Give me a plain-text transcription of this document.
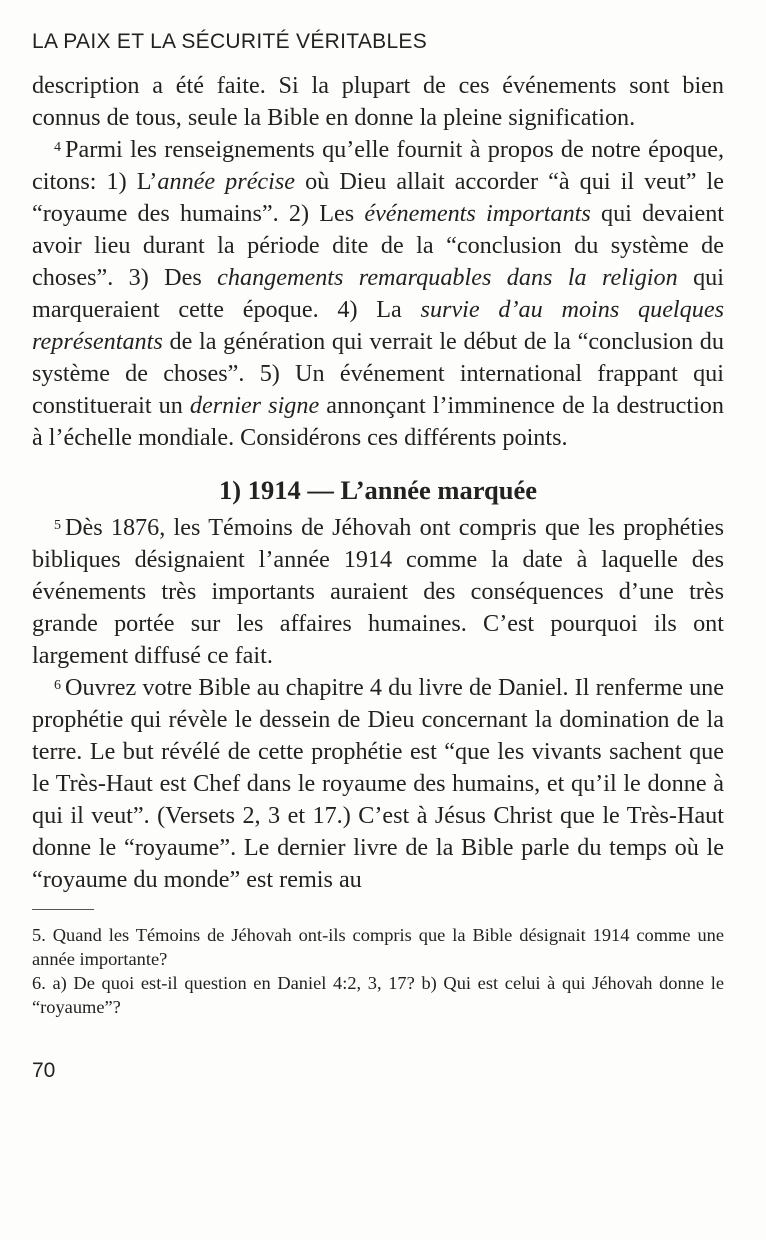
LA PAIX ET LA SÉCURITÉ VÉRITABLES

description a été faite. Si la plupart de ces événements sont bien connus de tous, seule la Bible en donne la pleine signification.

$^4$ Parmi les renseignements qu’elle fournit à propos de notre époque, citons: 1) L’année précise où Dieu allait accorder “à qui il veut” le “royaume des humains”. 2) Les événements importants qui devaient avoir lieu durant la période dite de la “conclusion du système de choses”. 3) Des changements remarquables dans la religion qui marqueraient cette époque. 4) La survie d’au moins quelques représentants de la génération qui verrait le début de la “conclusion du système de choses”. 5) Un événement international frappant qui constituerait un dernier signe annonçant l’imminence de la destruction à l’échelle mondiale. Considérons ces différents points.

1) 1914 — L’année marquée

$^5$ Dès 1876, les Témoins de Jéhovah ont compris que les prophéties bibliques désignaient l’année 1914 comme la date à laquelle des événements très importants auraient des conséquences d’une très grande portée sur les affaires humaines. C’est pourquoi ils ont largement diffusé ce fait.

$^6$ Ouvrez votre Bible au chapitre 4 du livre de Daniel. Il renferme une prophétie qui révèle le dessein de Dieu concernant la domination de la terre. Le but révélé de cette prophétie est “que les vivants sachent que le Très-Haut est Chef dans le royaume des humains, et qu’il le donne à qui il veut”. (Versets 2, 3 et 17.) C’est à Jésus Christ que le Très-Haut donne le “royaume”. Le dernier livre de la Bible parle du temps où le “royaume du monde” est remis au

5. Quand les Témoins de Jéhovah ont-ils compris que la Bible désignait 1914 comme une année importante?

6. a) De quoi est-il question en Daniel 4:2, 3, 17? b) Qui est celui à qui Jéhovah donne le “royaume”?

70
